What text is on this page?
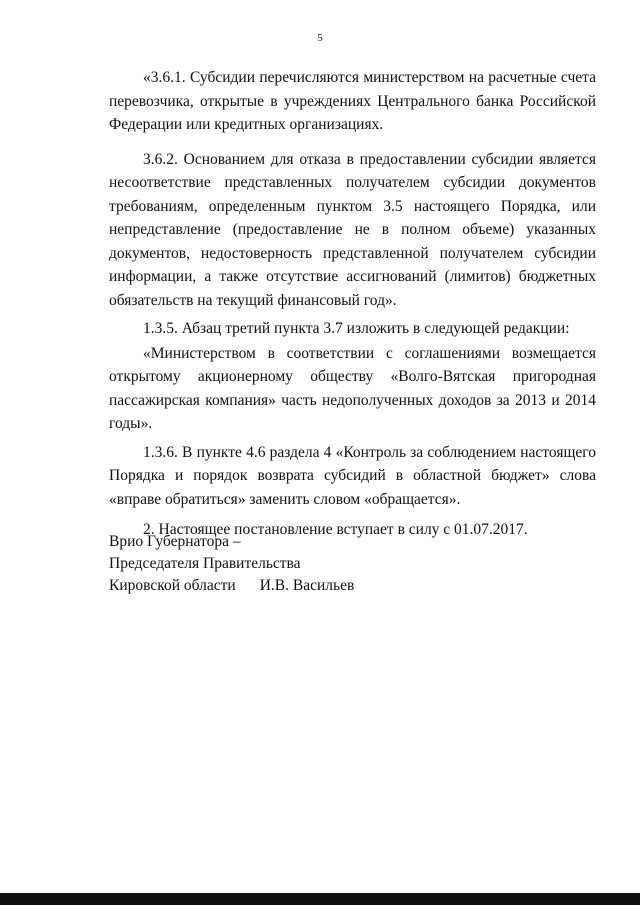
5

«3.6.1. Субсидии перечисляются министерством на расчетные счета перевозчика, открытые в учреждениях Центрального банка Российской Федерации или кредитных организациях.

3.6.2. Основанием для отказа в предоставлении субсидии является несоответствие представленных получателем субсидии документов требованиям, определенным пунктом 3.5 настоящего Порядка, или непредставление (предоставление не в полном объеме) указанных документов, недостоверность представленной получателем субсидии информации, а также отсутствие ассигнований (лимитов) бюджетных обязательств на текущий финансовый год».

1.3.5. Абзац третий пункта 3.7 изложить в следующей редакции:

«Министерством в соответствии с соглашениями возмещается открытому акционерному обществу «Волго-Вятская пригородная пассажирская компания» часть недополученных доходов за 2013 и 2014 годы».

1.3.6. В пункте 4.6 раздела 4 «Контроль за соблюдением настоящего Порядка и порядок возврата субсидий в областной бюджет» слова «вправе обратиться» заменить словом «обращается».

2. Настоящее постановление вступает в силу с 01.07.2017.

Врио Губернатора –
Председателя Правительства
Кировской области И.В. Васильев
